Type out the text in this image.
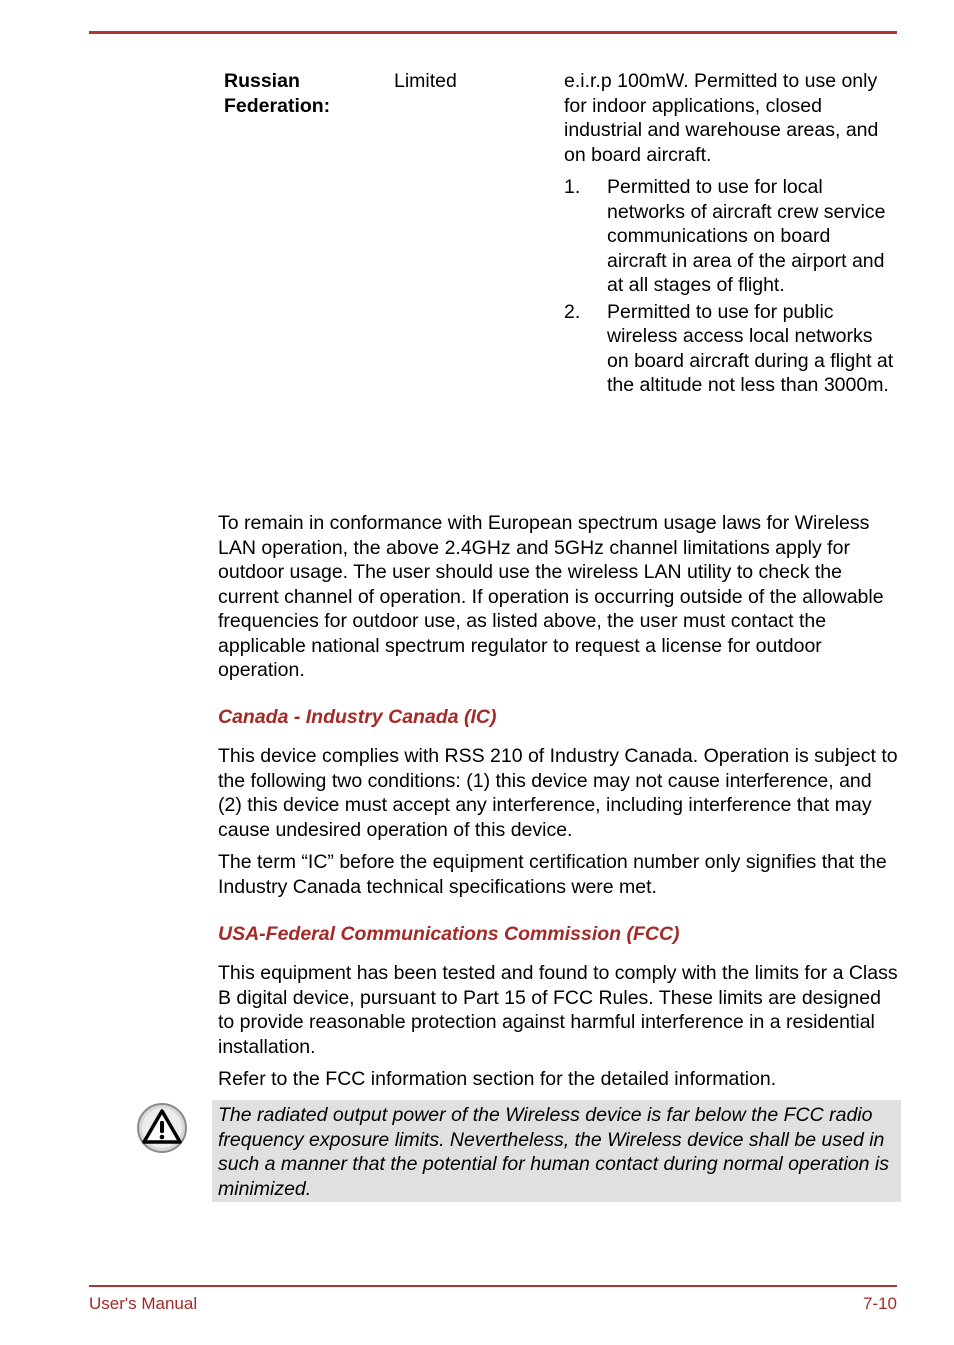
Russian Federation:
Limited	e.i.r.p 100mW. Permitted to use only for indoor applications, closed industrial and warehouse areas, and on board aircraft.

1.	Permitted to use for local networks of aircraft crew service communications on board aircraft in area of the airport and at all stages of flight.
2.	Permitted to use for public wireless access local networks on board aircraft during a flight at the altitude not less than 3000m.

To remain in conformance with European spectrum usage laws for Wireless LAN operation, the above 2.4GHz and 5GHz channel limitations apply for outdoor usage. The user should use the wireless LAN utility to check the current channel of operation. If operation is occurring outside of the allowable frequencies for outdoor use, as listed above, the user must contact the applicable national spectrum regulator to request a license for outdoor operation.

Canada - Industry Canada (IC)

This device complies with RSS 210 of Industry Canada. Operation is subject to the following two conditions: (1) this device may not cause interference, and (2) this device must accept any interference, including interference that may cause undesired operation of this device.

The term “IC” before the equipment certification number only signifies that the Industry Canada technical specifications were met.

USA-Federal Communications Commission (FCC)

This equipment has been tested and found to comply with the limits for a Class B digital device, pursuant to Part 15 of FCC Rules. These limits are designed to provide reasonable protection against harmful interference in a residential installation.

Refer to the FCC information section for the detailed information.

The radiated output power of the Wireless device is far below the FCC radio frequency exposure limits. Nevertheless, the Wireless device shall be used in such a manner that the potential for human contact during normal operation is minimized.

User's Manual	7-10
